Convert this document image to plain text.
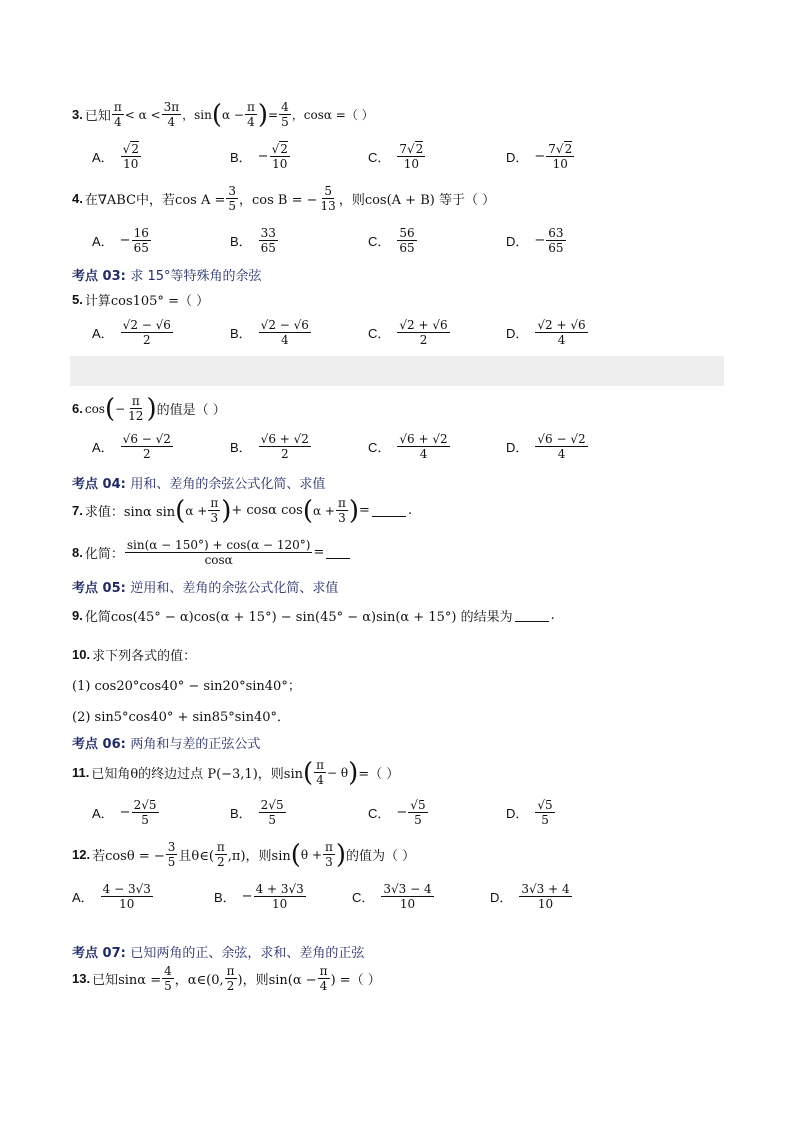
3. 已知 $\frac{\pi}{4} < \alpha < \frac{3\pi}{4}$ ，sin ( $\alpha - \frac{\pi}{4}$ ) = $\frac{4}{5}$ ，cosα =（ ）
A． $\frac{√2}{10}$	B． − $\frac{√2}{10}$	C． $\frac{7√2}{10}$	D． − $\frac{7√2}{10}$
4. 在∇ABC中，若$\cos A = \frac{3}{5}$ ，cos B = − $\frac{5}{13}$ ，则cos(A + B) 等于（ ）
A． − $\frac{16}{65}$	B． $\frac{33}{65}$	C． $\frac{56}{65}$	D． − $\frac{63}{65}$
考点 03: 求 15°等特殊角的余弦
5. 计算cos105° =（ ）
A． $\frac{√2 - √6}{2}$	B． $\frac{√2 - √6}{4}$	C． $\frac{√2 + √6}{2}$	D． $\frac{√2 + √6}{4}$
6. cos ( − $\frac{\pi}{12}$ ) 的值是（ ）
A． $\frac{√6 - √2}{2}$	B． $\frac{√6 + √2}{2}$	C． $\frac{√6 + √2}{4}$	D． $\frac{√6 - √2}{4}$
考点 04: 用和、差角的余弦公式化简、求值
7. 求值：sinα sin ( $\alpha + \frac{\pi}{3}$ ) + cosα cos ( $\alpha + \frac{\pi}{3}$ ) =	.
8. 化简： $\frac{\sin(\alpha - 150^\circ) + \cos(\alpha - 120^\circ)}{\cos\alpha}$ =
考点 05: 逆用和、差角的余弦公式化简、求值
9. 化简cos(45° − α)cos(α + 15°) − sin(45° − α)sin(α + 15°) 的结果为	.
10. 求下列各式的值：
(1) cos20°cos40° − sin20°sin40°；
(2) sin5°cos40° + sin85°sin40°．
考点 06: 两角和与差的正弦公式
11. 已知角θ的终边过点 P(−3,1)，则sin ( $\frac{\pi}{4} - \theta$ ) =（ ）
A． − $\frac{2√5}{5}$	B． $\frac{2√5}{5}$	C． − $\frac{√5}{5}$	D． $\frac{√5}{5}$
12. 若cosθ = − $\frac{3}{5}$ 且θ∈( $\frac{\pi}{2} ,\pi$)，则sin ( $\theta + \frac{\pi}{3}$ ) 的值为（ ）
A． $\frac{4 - 3√3}{10}$	B． − $\frac{4 + 3√3}{10}$	C． $\frac{3√3 - 4}{10}$	D． $\frac{3√3 + 4}{10}$
考点 07: 已知两角的正、余弦，求和、差角的正弦
13. 已知$\sin\alpha = \frac{4}{5}$ ，α∈(0, $\frac{\pi}{2}$ )，则$\sin(\alpha - \frac{\pi}{4}$ ) =（ ）
